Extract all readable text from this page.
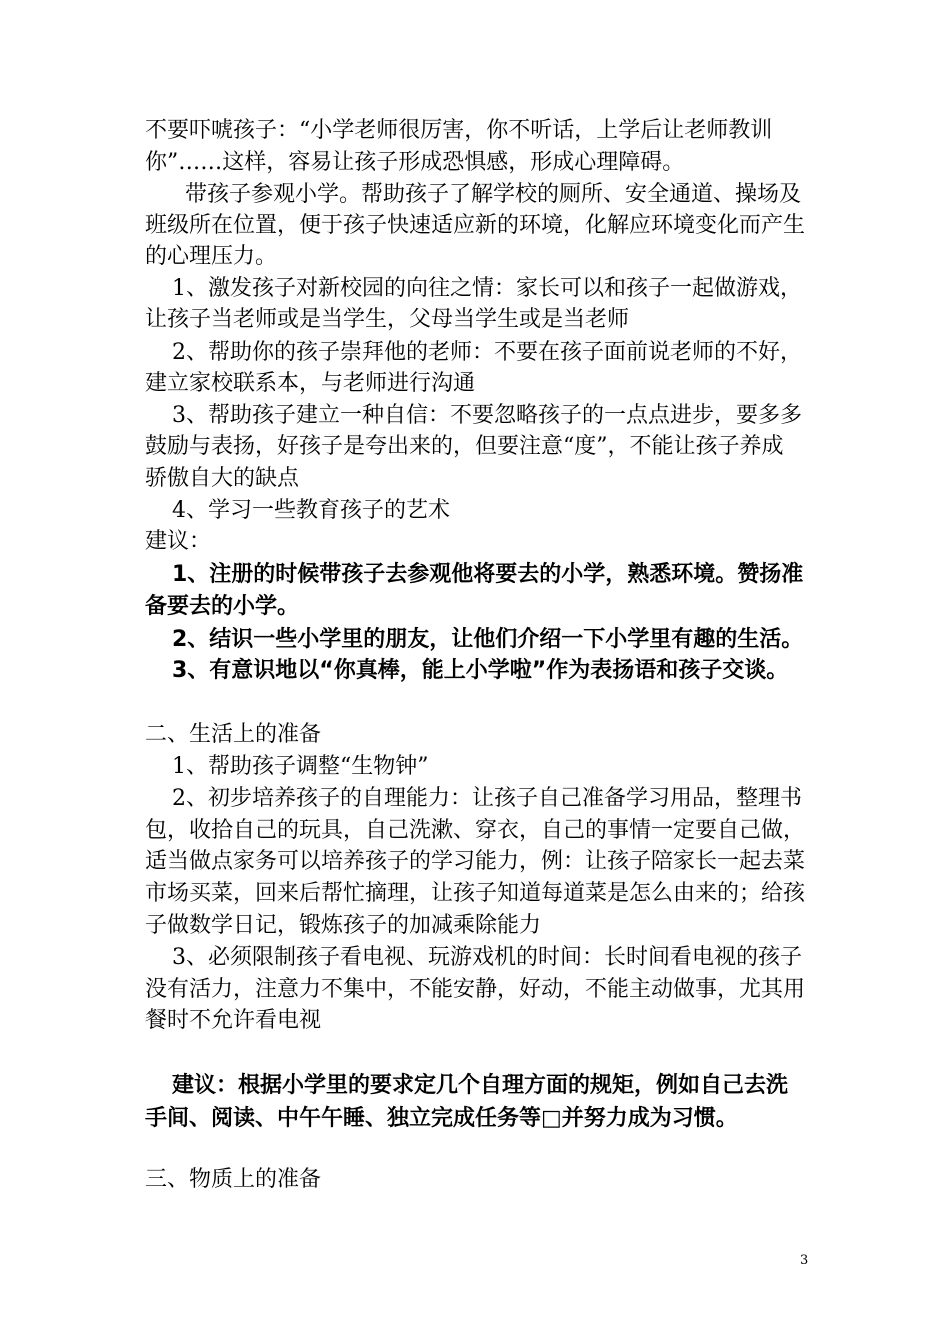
不要吓唬孩子：“小学老师很厉害，你不听话，上学后让老师教训

你”……这样，容易让孩子形成恐惧感，形成心理障碍。

带孩子参观小学。帮助孩子了解学校的厕所、安全通道、操场及

班级所在位置，便于孩子快速适应新的环境，化解应环境变化而产生

的心理压力。

1、激发孩子对新校园的向往之情：家长可以和孩子一起做游戏，

让孩子当老师或是当学生，父母当学生或是当老师

2、帮助你的孩子崇拜他的老师：不要在孩子面前说老师的不好，

建立家校联系本，与老师进行沟通

3、帮助孩子建立一种自信：不要忽略孩子的一点点进步，要多多

鼓励与表扬，好孩子是夸出来的，但要注意“度”，不能让孩子养成

骄傲自大的缺点

4、学习一些教育孩子的艺术

建议：

1、注册的时候带孩子去参观他将要去的小学，熟悉环境。赞扬准

备要去的小学。

2、结识一些小学里的朋友，让他们介绍一下小学里有趣的生活。

3、有意识地以“你真棒，能上小学啦”作为表扬语和孩子交谈。

二、生活上的准备

1、帮助孩子调整“生物钟”

2、初步培养孩子的自理能力：让孩子自己准备学习用品，整理书

包，收拾自己的玩具，自己洗漱、穿衣，自己的事情一定要自己做，

适当做点家务可以培养孩子的学习能力，例：让孩子陪家长一起去菜

市场买菜，回来后帮忙摘理，让孩子知道每道菜是怎么由来的；给孩

子做数学日记，锻炼孩子的加减乘除能力

3、必须限制孩子看电视、玩游戏机的时间：长时间看电视的孩子

没有活力，注意力不集中，不能安静，好动，不能主动做事，尤其用

餐时不允许看电视

建议：根据小学里的要求定几个自理方面的规矩，例如自己去洗

手间、阅读、中午午睡、独立完成任务等□并努力成为习惯。

三、物质上的准备

3
